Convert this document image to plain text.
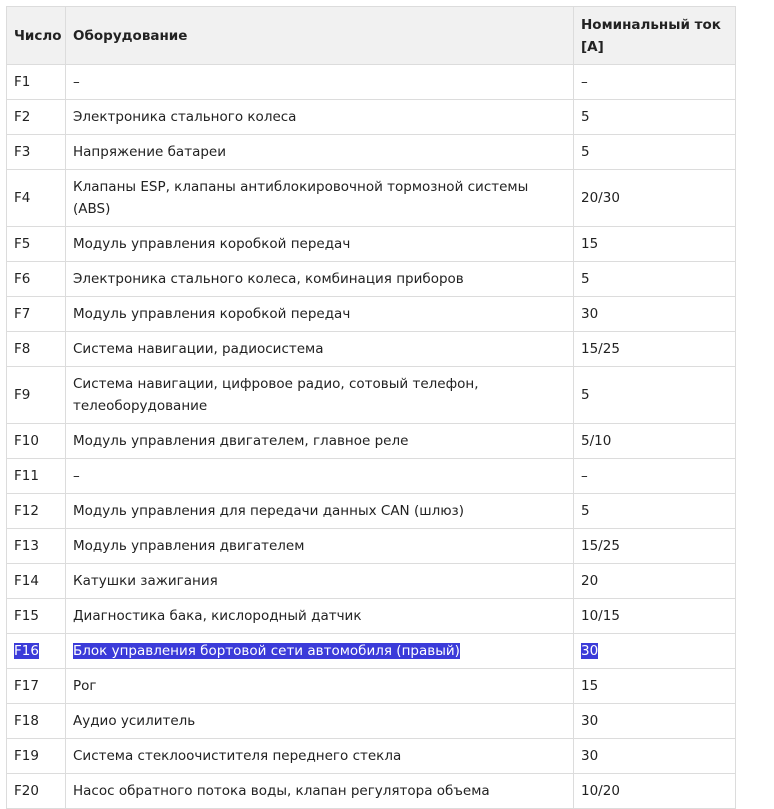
Число	Оборудование	Номинальный ток [А]
F1	–	–
F2	Электроника стального колеса	5
F3	Напряжение батареи	5
F4	Клапаны ESP, клапаны антиблокировочной тормозной системы (ABS)	20/30
F5	Модуль управления коробкой передач	15
F6	Электроника стального колеса, комбинация приборов	5
F7	Модуль управления коробкой передач	30
F8	Система навигации, радиосистема	15/25
F9	Система навигации, цифровое радио, сотовый телефон, телеоборудование	5
F10	Модуль управления двигателем, главное реле	5/10
F11	–	–
F12	Модуль управления для передачи данных CAN (шлюз)	5
F13	Модуль управления двигателем	15/25
F14	Катушки зажигания	20
F15	Диагностика бака, кислородный датчик	10/15
F16	Блок управления бортовой сети автомобиля (правый)	30
F17	Рог	15
F18	Аудио усилитель	30
F19	Система стеклоочистителя переднего стекла	30
F20	Насос обратного потока воды, клапан регулятора объема	10/20
